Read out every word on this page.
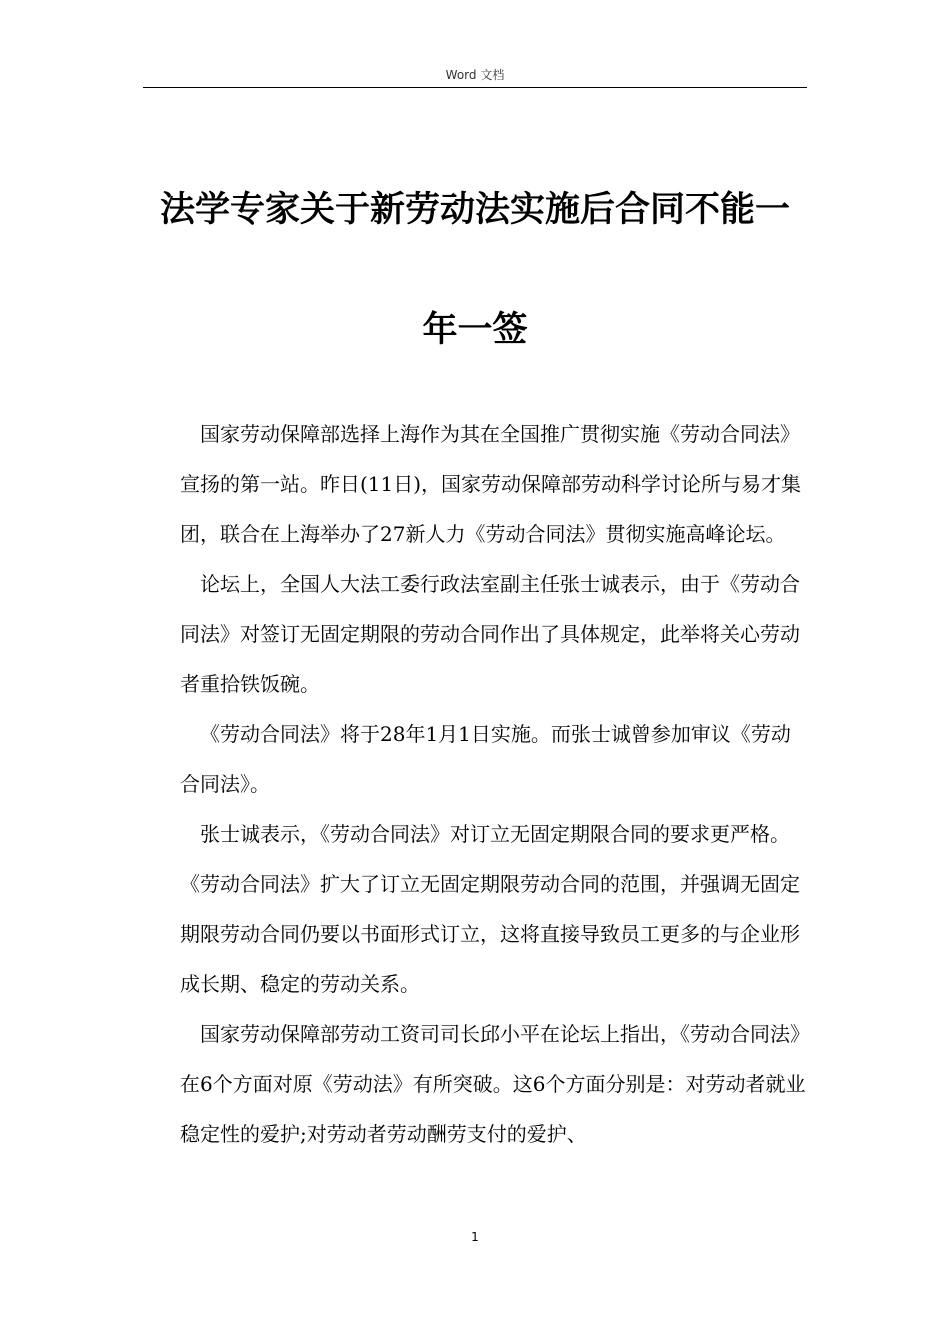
Word 文档
法学专家关于新劳动法实施后合同不能一年一签

国家劳动保障部选择上海作为其在全国推广贯彻实施《劳动合同法》宣扬的第一站。昨日(11日)，国家劳动保障部劳动科学讨论所与易才集团，联合在上海举办了27新人力《劳动合同法》贯彻实施高峰论坛。

论坛上，全国人大法工委行政法室副主任张士诚表示，由于《劳动合同法》对签订无固定期限的劳动合同作出了具体规定，此举将关心劳动者重拾铁饭碗。

《劳动合同法》将于28年1月1日实施。而张士诚曾参加审议《劳动合同法》。

张士诚表示，《劳动合同法》对订立无固定期限合同的要求更严格。《劳动合同法》扩大了订立无固定期限劳动合同的范围，并强调无固定期限劳动合同仍要以书面形式订立，这将直接导致员工更多的与企业形成长期、稳定的劳动关系。

国家劳动保障部劳动工资司司长邱小平在论坛上指出，《劳动合同法》在6个方面对原《劳动法》有所突破。这6个方面分别是：对劳动者就业稳定性的爱护;对劳动者劳动酬劳支付的爱护、

1
